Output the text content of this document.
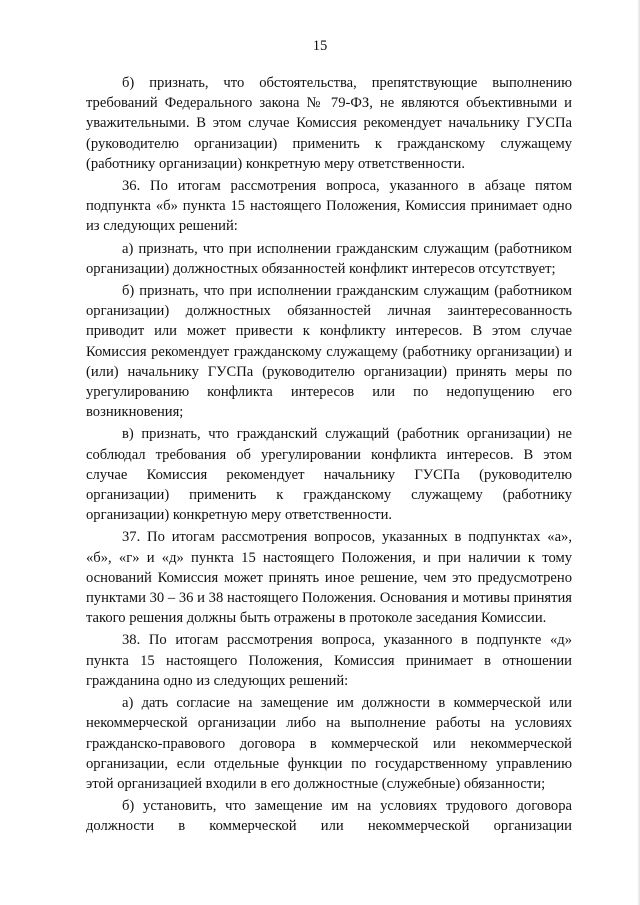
15

б) признать, что обстоятельства, препятствующие выполнению требований Федерального закона № 79-ФЗ, не являются объективными и уважительными. В этом случае Комиссия рекомендует начальнику ГУСПа (руководителю организации) применить к гражданскому служащему (работнику организации) конкретную меру ответственности.

36. По итогам рассмотрения вопроса, указанного в абзаце пятом подпункта «б» пункта 15 настоящего Положения, Комиссия принимает одно из следующих решений:

а) признать, что при исполнении гражданским служащим (работником организации) должностных обязанностей конфликт интересов отсутствует;

б) признать, что при исполнении гражданским служащим (работником организации) должностных обязанностей личная заинтересованность приводит или может привести к конфликту интересов. В этом случае Комиссия рекомендует гражданскому служащему (работнику организации) и (или) начальнику ГУСПа (руководителю организации) принять меры по урегулированию конфликта интересов или по недопущению его возникновения;

в) признать, что гражданский служащий (работник организации) не соблюдал требования об урегулировании конфликта интересов. В этом случае Комиссия рекомендует начальнику ГУСПа (руководителю организации) применить к гражданскому служащему (работнику организации) конкретную меру ответственности.

37. По итогам рассмотрения вопросов, указанных в подпунктах «а», «б», «г» и «д» пункта 15 настоящего Положения, и при наличии к тому оснований Комиссия может принять иное решение, чем это предусмотрено пунктами 30 – 36 и 38 настоящего Положения. Основания и мотивы принятия такого решения должны быть отражены в протоколе заседания Комиссии.

38. По итогам рассмотрения вопроса, указанного в подпункте «д» пункта 15 настоящего Положения, Комиссия принимает в отношении гражданина одно из следующих решений:

а) дать согласие на замещение им должности в коммерческой или некоммерческой организации либо на выполнение работы на условиях гражданско-правового договора в коммерческой или некоммерческой организации, если отдельные функции по государственному управлению этой организацией входили в его должностные (служебные) обязанности;

б) установить, что замещение им на условиях трудового договора должности в коммерческой или некоммерческой организации
